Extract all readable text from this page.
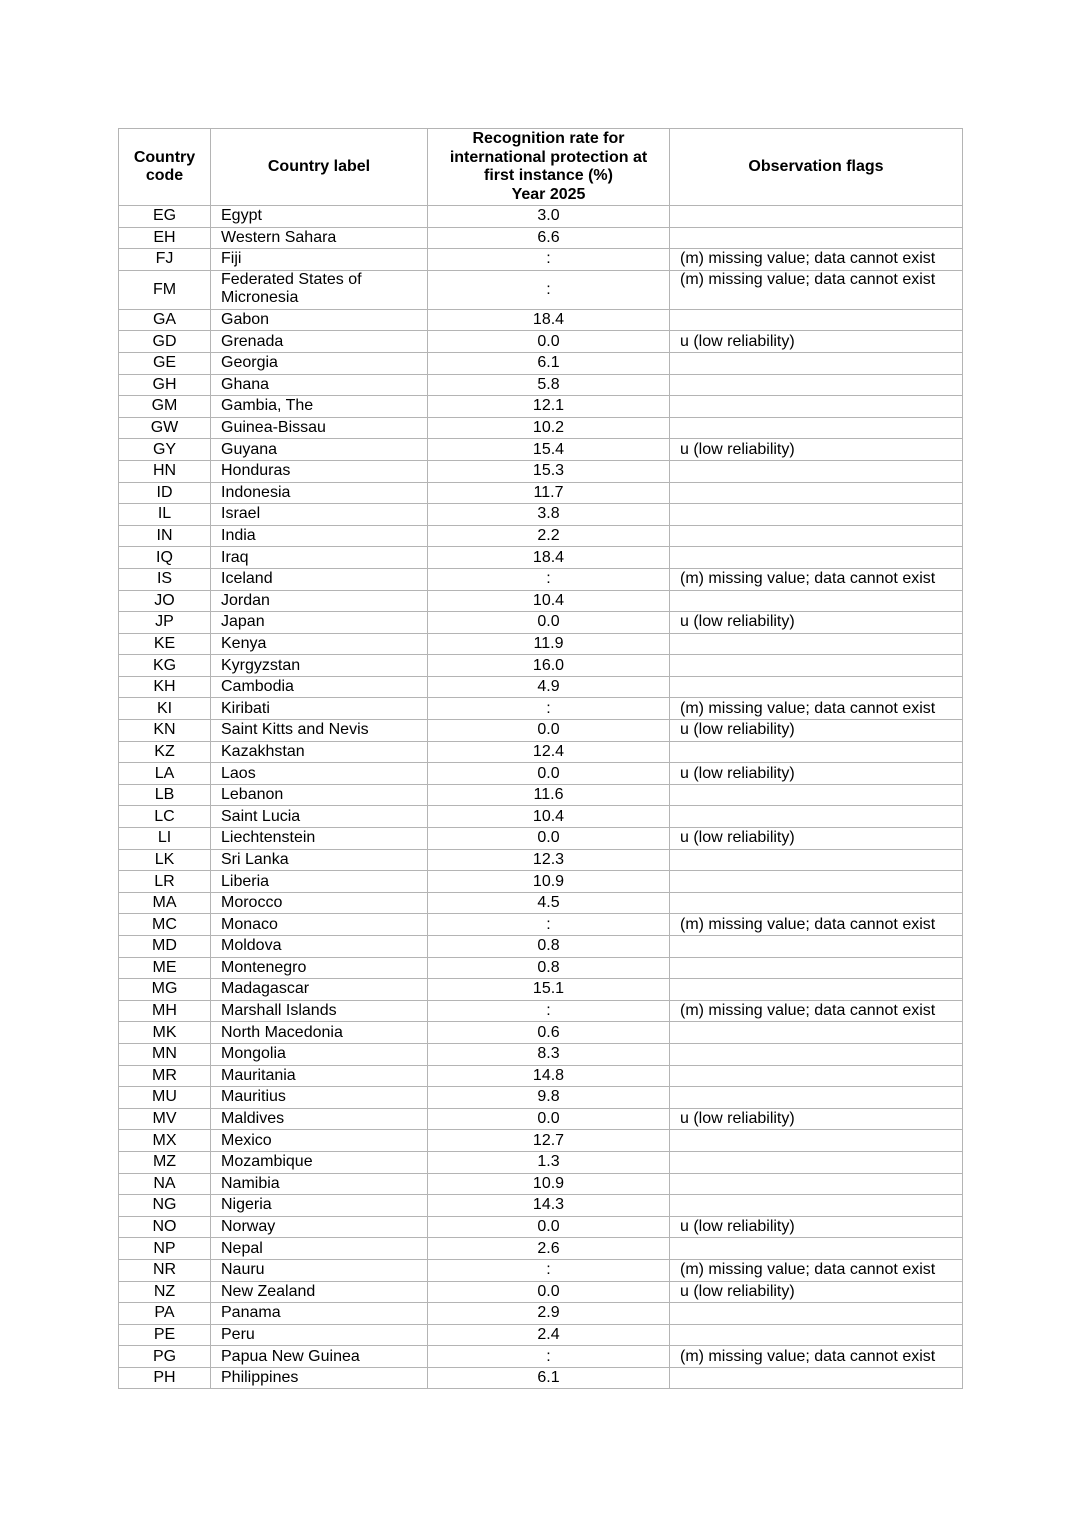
Country code	Country label	Recognition rate for
international protection at
first instance (%)
Year 2025	Observation flags
EG	Egypt	3.0	
EH	Western Sahara	6.6	
FJ	Fiji	:	(m) missing value; data cannot exist
FM	Federated States of Micronesia	:	(m) missing value; data cannot exist
GA	Gabon	18.4	
GD	Grenada	0.0	u (low reliability)
GE	Georgia	6.1	
GH	Ghana	5.8	
GM	Gambia, The	12.1	
GW	Guinea-Bissau	10.2	
GY	Guyana	15.4	u (low reliability)
HN	Honduras	15.3	
ID	Indonesia	11.7	
IL	Israel	3.8	
IN	India	2.2	
IQ	Iraq	18.4	
IS	Iceland	:	(m) missing value; data cannot exist
JO	Jordan	10.4	
JP	Japan	0.0	u (low reliability)
KE	Kenya	11.9	
KG	Kyrgyzstan	16.0	
KH	Cambodia	4.9	
KI	Kiribati	:	(m) missing value; data cannot exist
KN	Saint Kitts and Nevis	0.0	u (low reliability)
KZ	Kazakhstan	12.4	
LA	Laos	0.0	u (low reliability)
LB	Lebanon	11.6	
LC	Saint Lucia	10.4	
LI	Liechtenstein	0.0	u (low reliability)
LK	Sri Lanka	12.3	
LR	Liberia	10.9	
MA	Morocco	4.5	
MC	Monaco	:	(m) missing value; data cannot exist
MD	Moldova	0.8	
ME	Montenegro	0.8	
MG	Madagascar	15.1	
MH	Marshall Islands	:	(m) missing value; data cannot exist
MK	North Macedonia	0.6	
MN	Mongolia	8.3	
MR	Mauritania	14.8	
MU	Mauritius	9.8	
MV	Maldives	0.0	u (low reliability)
MX	Mexico	12.7	
MZ	Mozambique	1.3	
NA	Namibia	10.9	
NG	Nigeria	14.3	
NO	Norway	0.0	u (low reliability)
NP	Nepal	2.6	
NR	Nauru	:	(m) missing value; data cannot exist
NZ	New Zealand	0.0	u (low reliability)
PA	Panama	2.9	
PE	Peru	2.4	
PG	Papua New Guinea	:	(m) missing value; data cannot exist
PH	Philippines	6.1	
